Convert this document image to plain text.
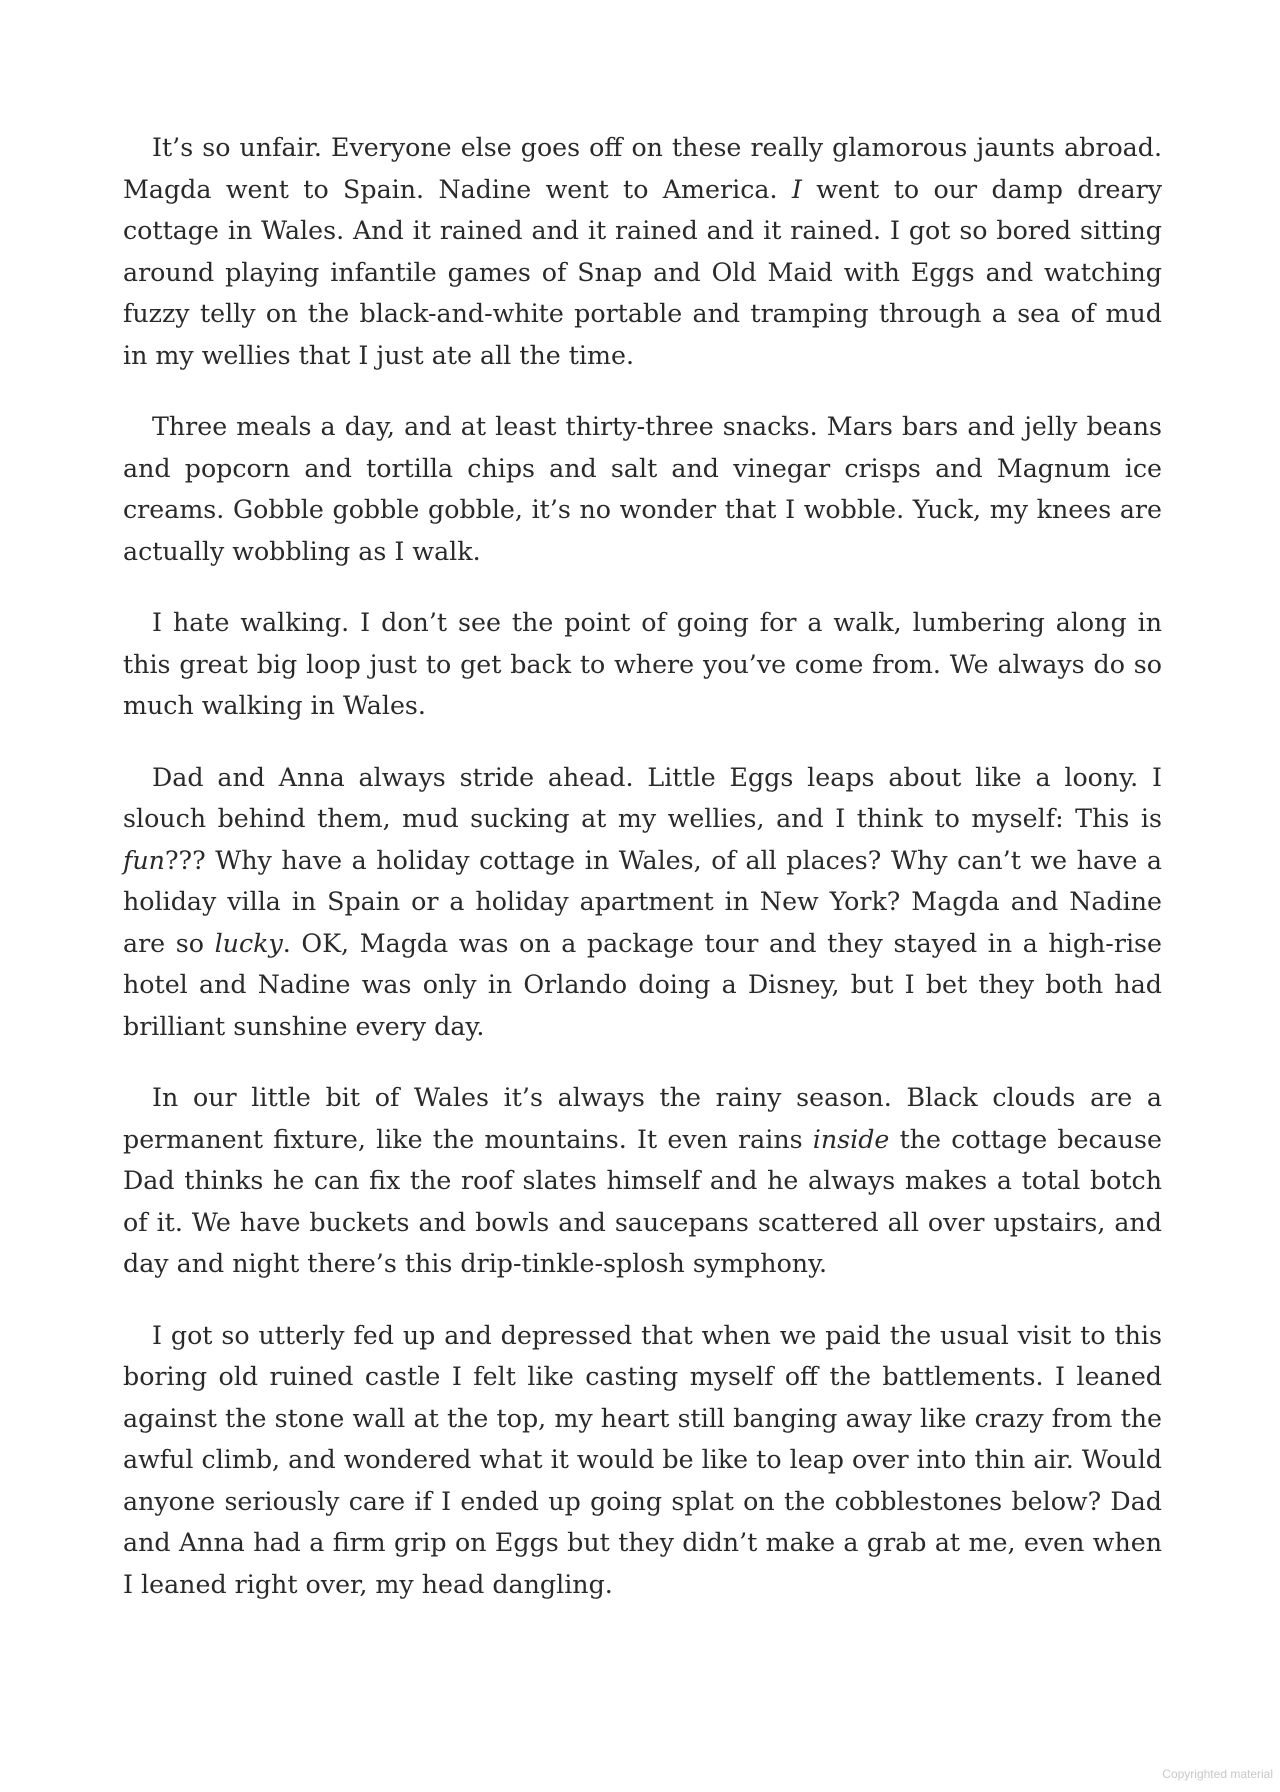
It’s so unfair. Everyone else goes off on these really glamorous jaunts abroad. Magda went to Spain. Nadine went to America. I went to our damp dreary cottage in Wales. And it rained and it rained and it rained. I got so bored sitting around playing infantile games of Snap and Old Maid with Eggs and watching fuzzy telly on the black-and-white portable and tramping through a sea of mud in my wellies that I just ate all the time.

Three meals a day, and at least thirty-three snacks. Mars bars and jelly beans and popcorn and tortilla chips and salt and vinegar crisps and Magnum ice creams. Gobble gobble gobble, it’s no wonder that I wobble. Yuck, my knees are actually wobbling as I walk.

I hate walking. I don’t see the point of going for a walk, lumbering along in this great big loop just to get back to where you’ve come from. We always do so much walking in Wales.

Dad and Anna always stride ahead. Little Eggs leaps about like a loony. I slouch behind them, mud sucking at my wellies, and I think to myself: This is fun??? Why have a holiday cottage in Wales, of all places? Why can’t we have a holiday villa in Spain or a holiday apartment in New York? Magda and Nadine are so lucky. OK, Magda was on a package tour and they stayed in a high-rise hotel and Nadine was only in Orlando doing a Disney, but I bet they both had brilliant sunshine every day.

In our little bit of Wales it’s always the rainy season. Black clouds are a permanent fixture, like the mountains. It even rains inside the cottage because Dad thinks he can fix the roof slates himself and he always makes a total botch of it. We have buckets and bowls and saucepans scattered all over upstairs, and day and night there’s this drip-tinkle-splosh symphony.

I got so utterly fed up and depressed that when we paid the usual visit to this boring old ruined castle I felt like casting myself off the battlements. I leaned against the stone wall at the top, my heart still banging away like crazy from the awful climb, and wondered what it would be like to leap over into thin air. Would anyone seriously care if I ended up going splat on the cobblestones below? Dad and Anna had a firm grip on Eggs but they didn’t make a grab at me, even when I leaned right over, my head dangling.

Copyrighted material
